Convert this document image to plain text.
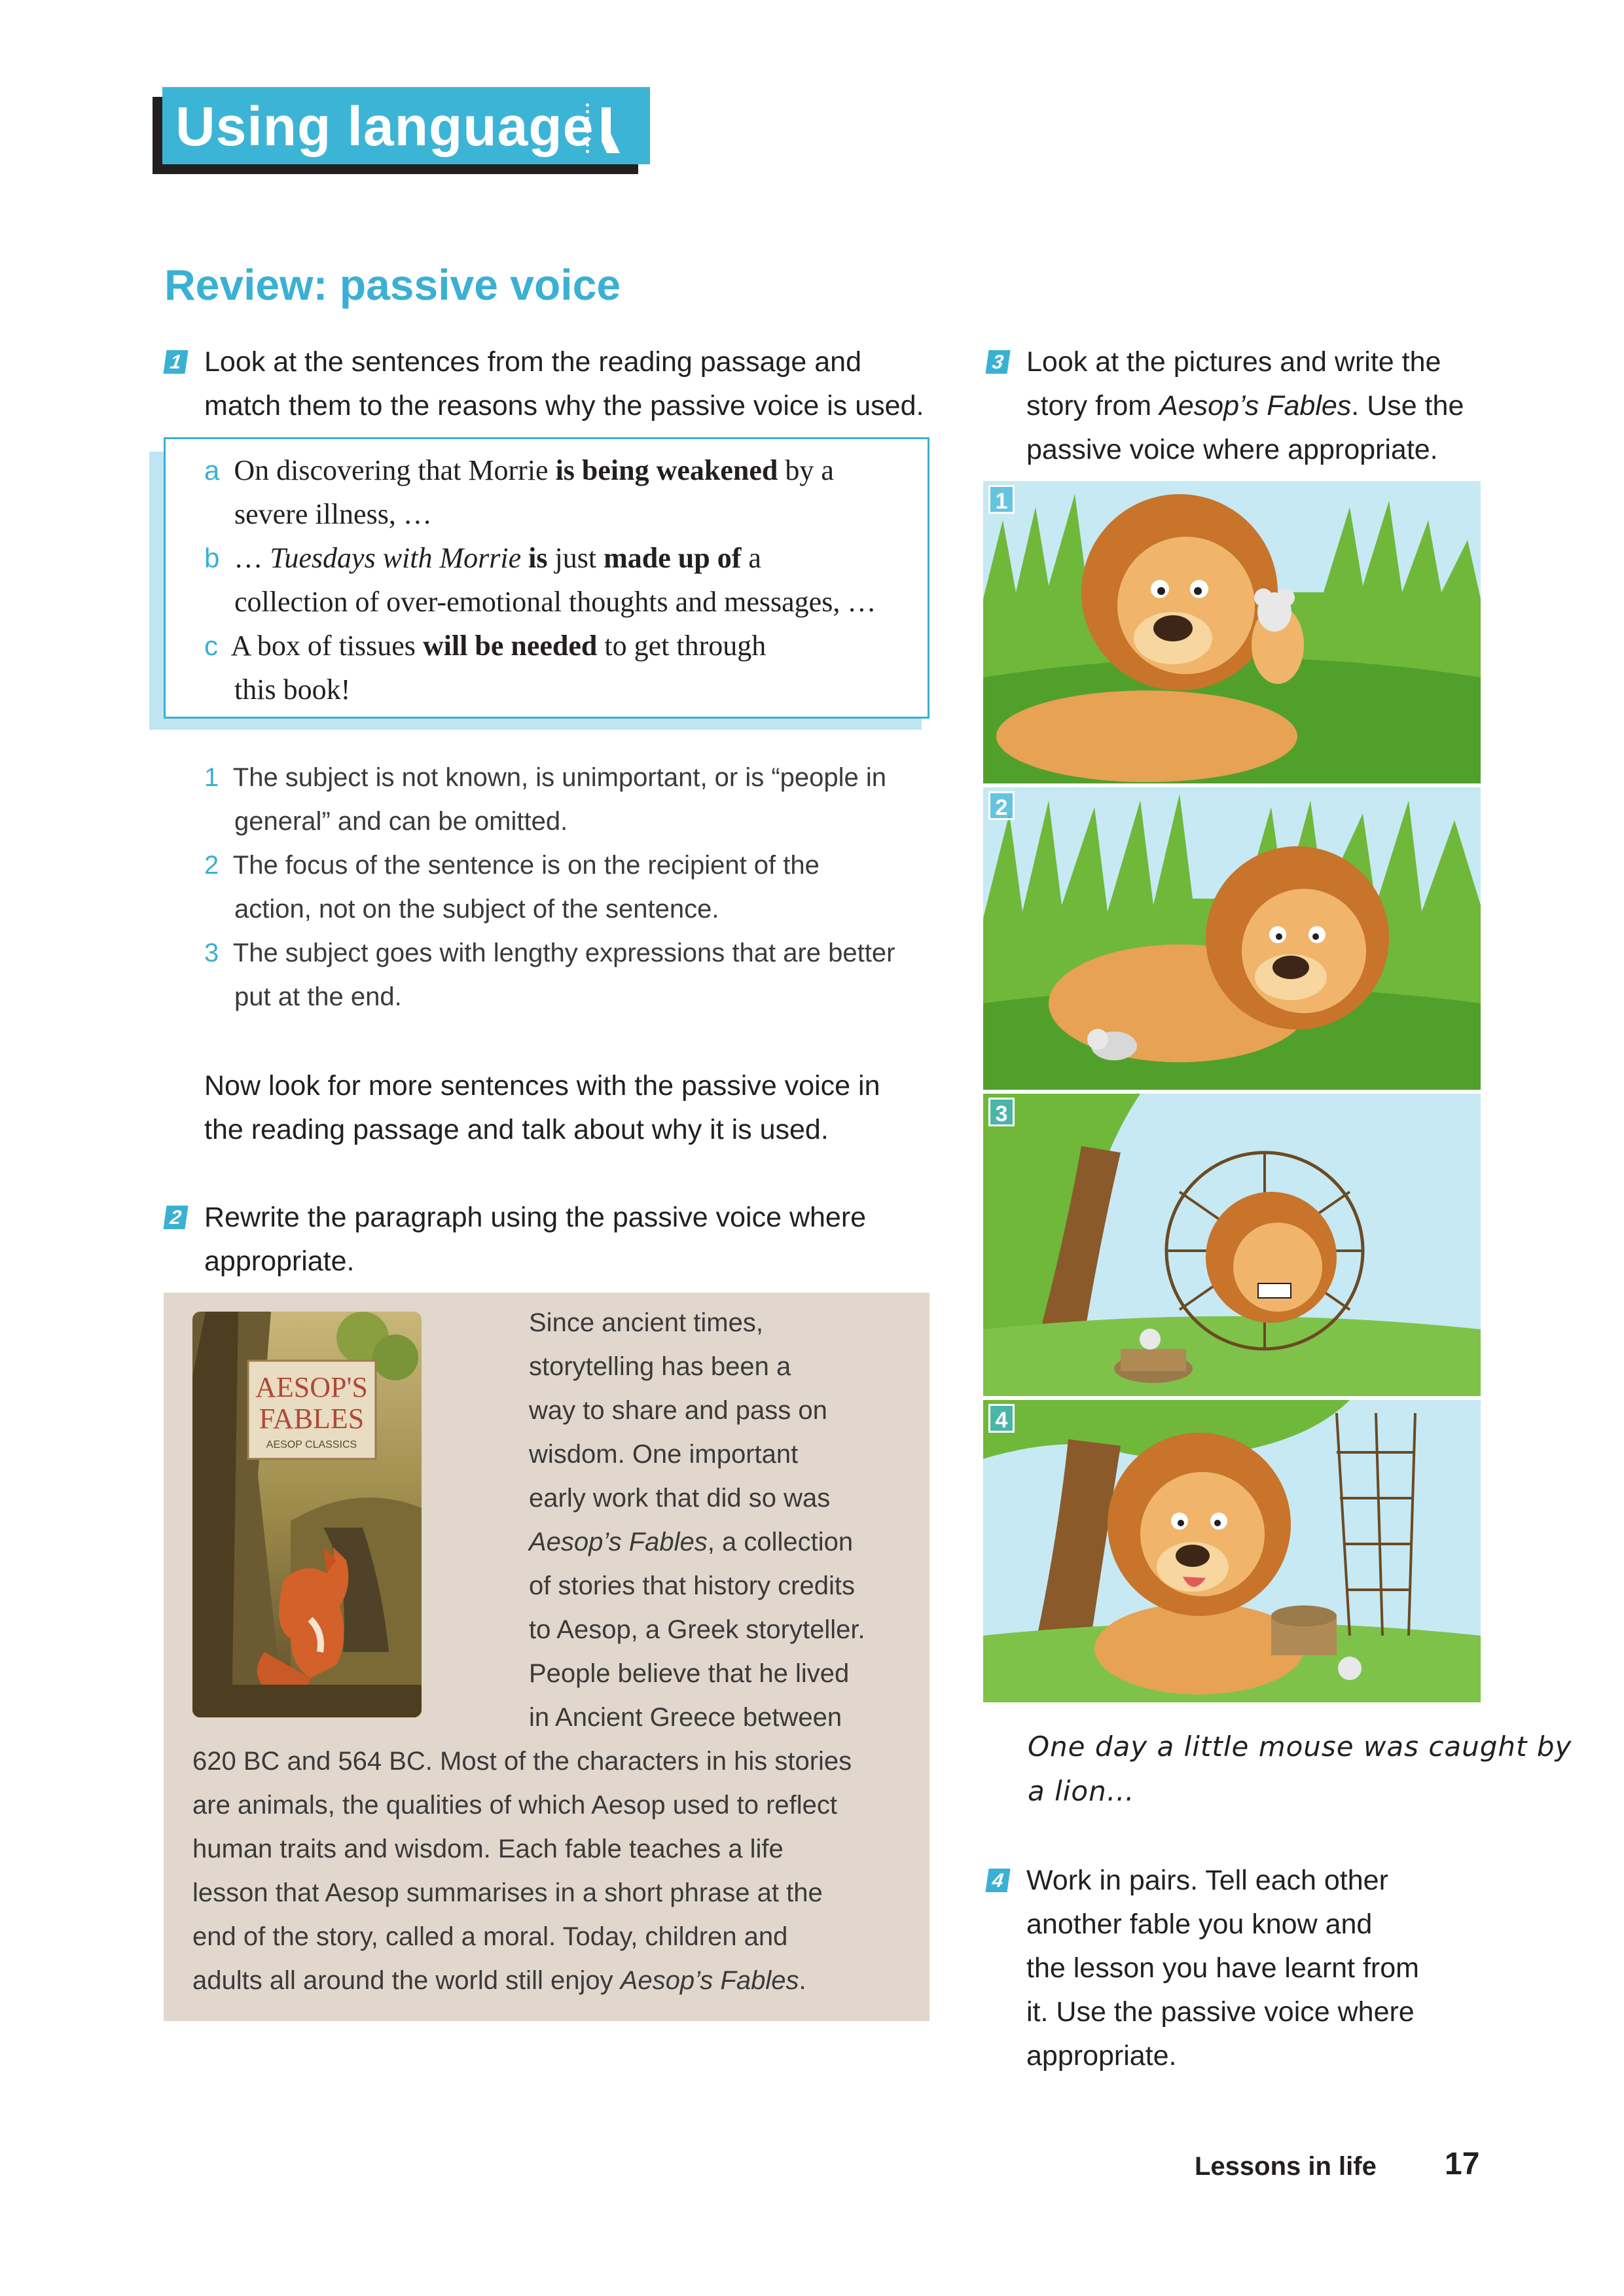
Using language
Review: passive voice
1 Look at the sentences from the reading passage and
match them to the reasons why the passive voice is used.
a On discovering that Morrie is being weakened by a
severe illness, …
b … Tuesdays with Morrie is just made up of a
collection of over-emotional thoughts and messages, …
c A box of tissues will be needed to get through
this book!
1 The subject is not known, is unimportant, or is “people in
general” and can be omitted.
2 The focus of the sentence is on the recipient of the
action, not on the subject of the sentence.
3 The subject goes with lengthy expressions that are better
put at the end.
Now look for more sentences with the passive voice in
the reading passage and talk about why it is used.
2 Rewrite the paragraph using the passive voice where
appropriate.
AESOP'S
FABLES
AESOP CLASSICS
Since ancient times,
storytelling has been a
way to share and pass on
wisdom. One important
early work that did so was
Aesop’s Fables, a collection
of stories that history credits
to Aesop, a Greek storyteller.
People believe that he lived
in Ancient Greece between
620 BC and 564 BC. Most of the characters in his stories
are animals, the qualities of which Aesop used to reflect
human traits and wisdom. Each fable teaches a life
lesson that Aesop summarises in a short phrase at the
end of the story, called a moral. Today, children and
adults all around the world still enjoy Aesop’s Fables.
3 Look at the pictures and write the
story from Aesop’s Fables. Use the
passive voice where appropriate.
1
2
3
4
One day a little mouse was caught by
a lion…
4 Work in pairs. Tell each other
another fable you know and
the lesson you have learnt from
it. Use the passive voice where
appropriate.
Lessons in life 17
